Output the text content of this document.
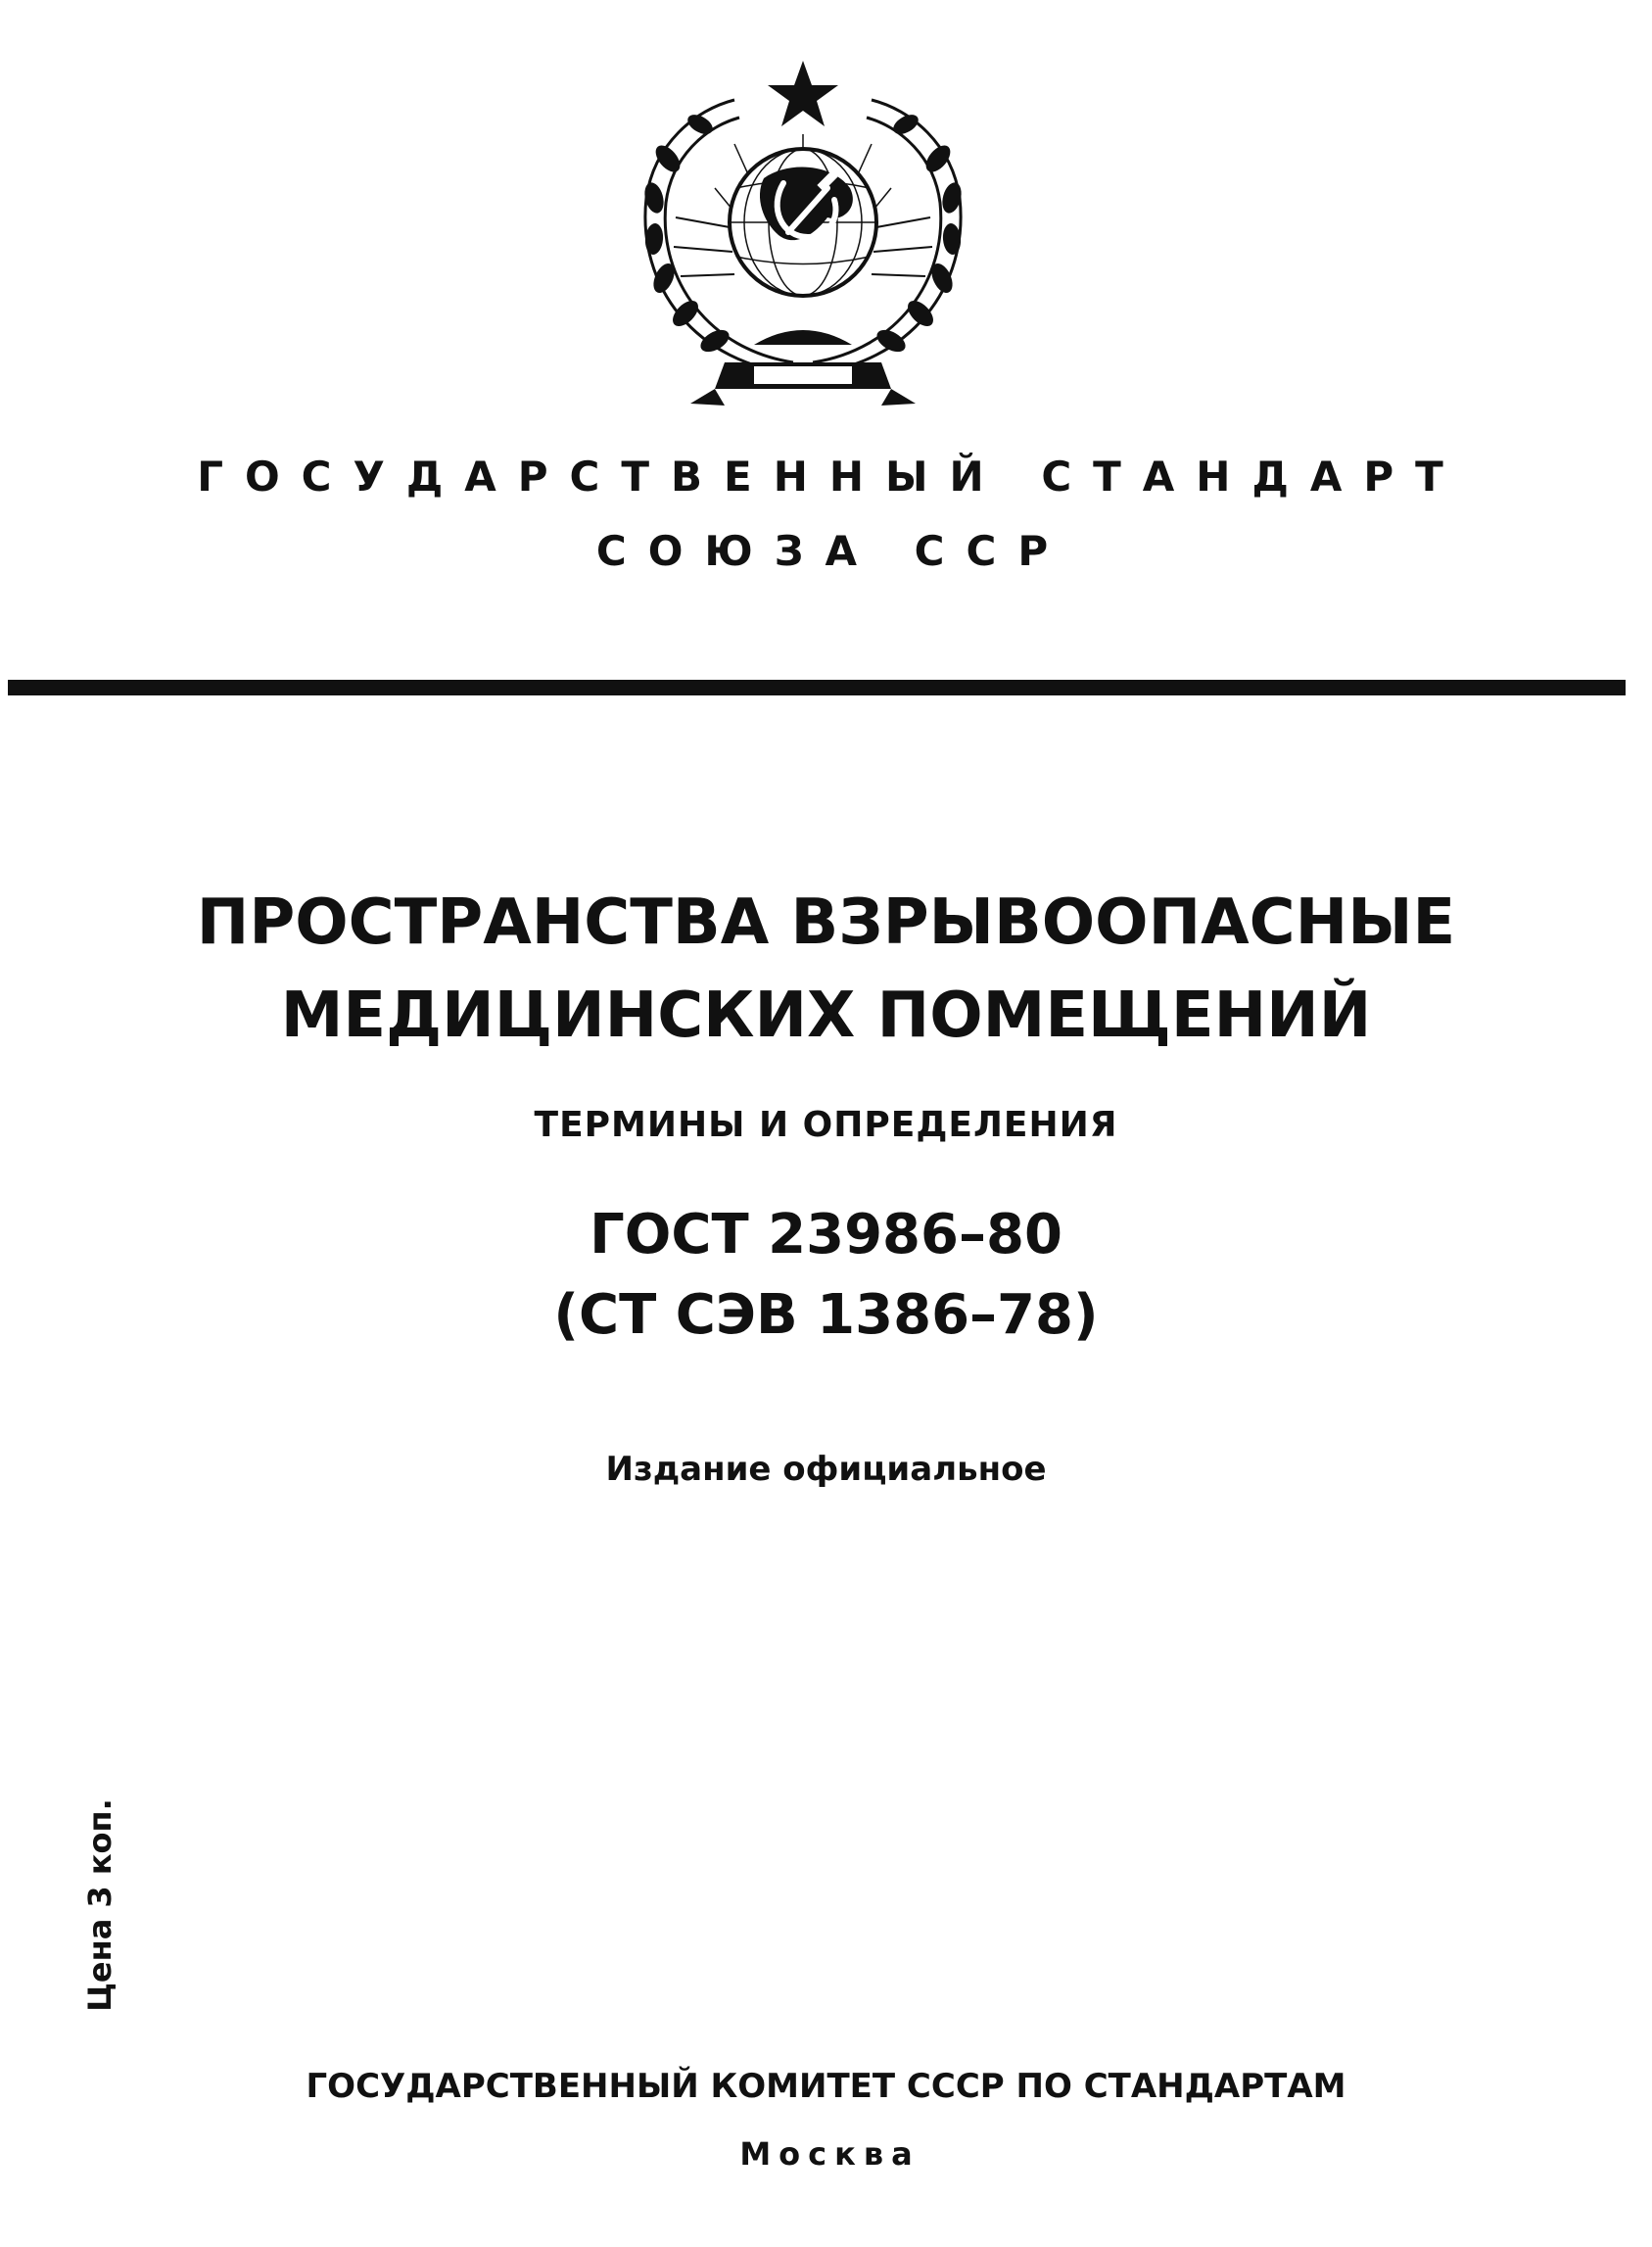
ГОСУДАРСТВЕННЫЙ СТАНДАРТ
СОЮЗА ССР
ПРОСТРАНСТВА ВЗРЫВООПАСНЫЕ
МЕДИЦИНСКИХ ПОМЕЩЕНИЙ
ТЕРМИНЫ И ОПРЕДЕЛЕНИЯ
ГОСТ 23986–80
(СТ СЭВ 1386–78)
Издание официальное
Цена 3 коп.
ГОСУДАРСТВЕННЫЙ КОМИТЕТ СССР ПО СТАНДАРТАМ
Москва
